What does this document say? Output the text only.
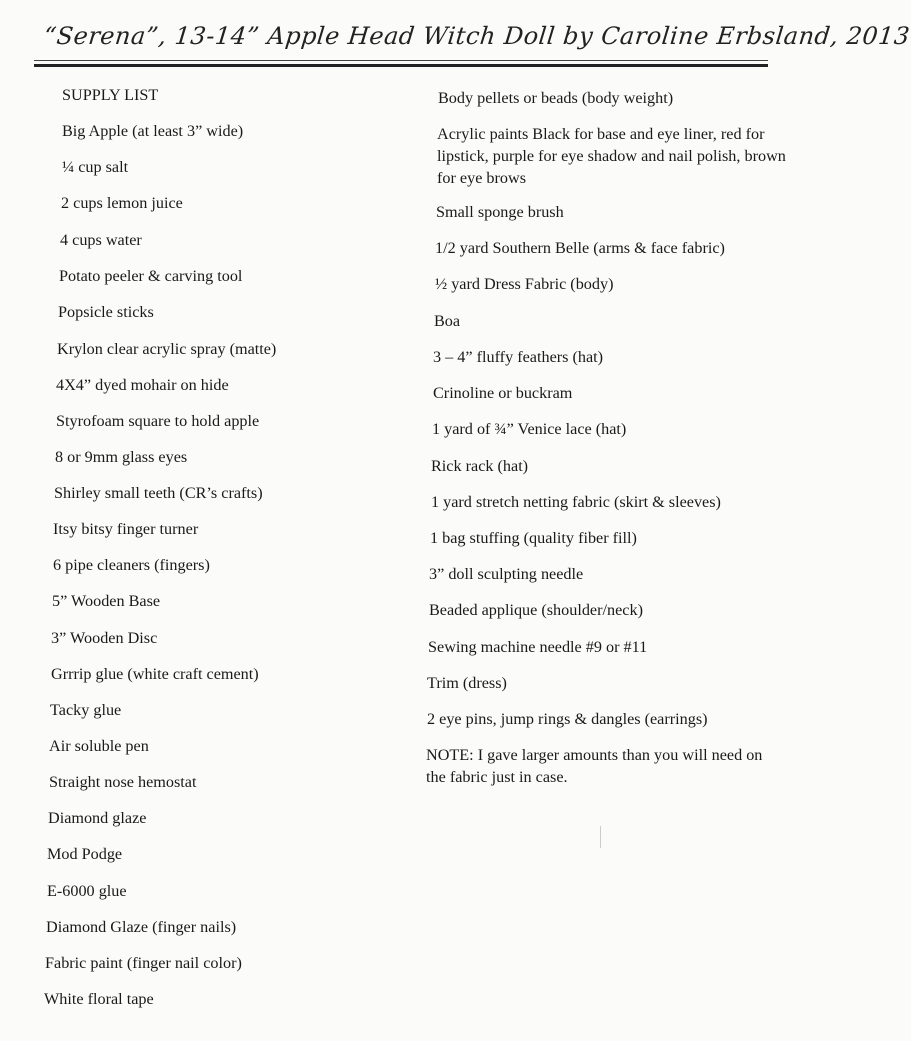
“Serena”, 13-14” Apple Head Witch Doll by Caroline Erbsland, 2013
SUPPLY LIST
Big Apple (at least 3” wide)
¼ cup salt
2 cups lemon juice
4 cups water
Potato peeler & carving tool
Popsicle sticks
Krylon clear acrylic spray (matte)
4X4” dyed mohair on hide
Styrofoam square to hold apple
8 or 9mm glass eyes
Shirley small teeth (CR’s crafts)
Itsy bitsy finger turner
6 pipe cleaners (fingers)
5” Wooden Base
3” Wooden Disc
Grrrip glue (white craft cement)
Tacky glue
Air soluble pen
Straight nose hemostat
Diamond glaze
Mod Podge
E-6000 glue
Diamond Glaze (finger nails)
Fabric paint (finger nail color)
White floral tape
Body pellets or beads (body weight)
Acrylic paints Black for base and eye liner, red for lipstick, purple for eye shadow and nail polish, brown for eye brows
Small sponge brush
1/2 yard Southern Belle (arms & face fabric)
½ yard Dress Fabric (body)
Boa
3 – 4” fluffy feathers (hat)
Crinoline or buckram
1 yard of ¾” Venice lace (hat)
Rick rack (hat)
1 yard stretch netting fabric (skirt & sleeves)
1 bag stuffing (quality fiber fill)
3” doll sculpting needle
Beaded applique (shoulder/neck)
Sewing machine needle #9 or #11
Trim (dress)
2 eye pins, jump rings & dangles (earrings)
NOTE: I gave larger amounts than you will need on the fabric just in case.
